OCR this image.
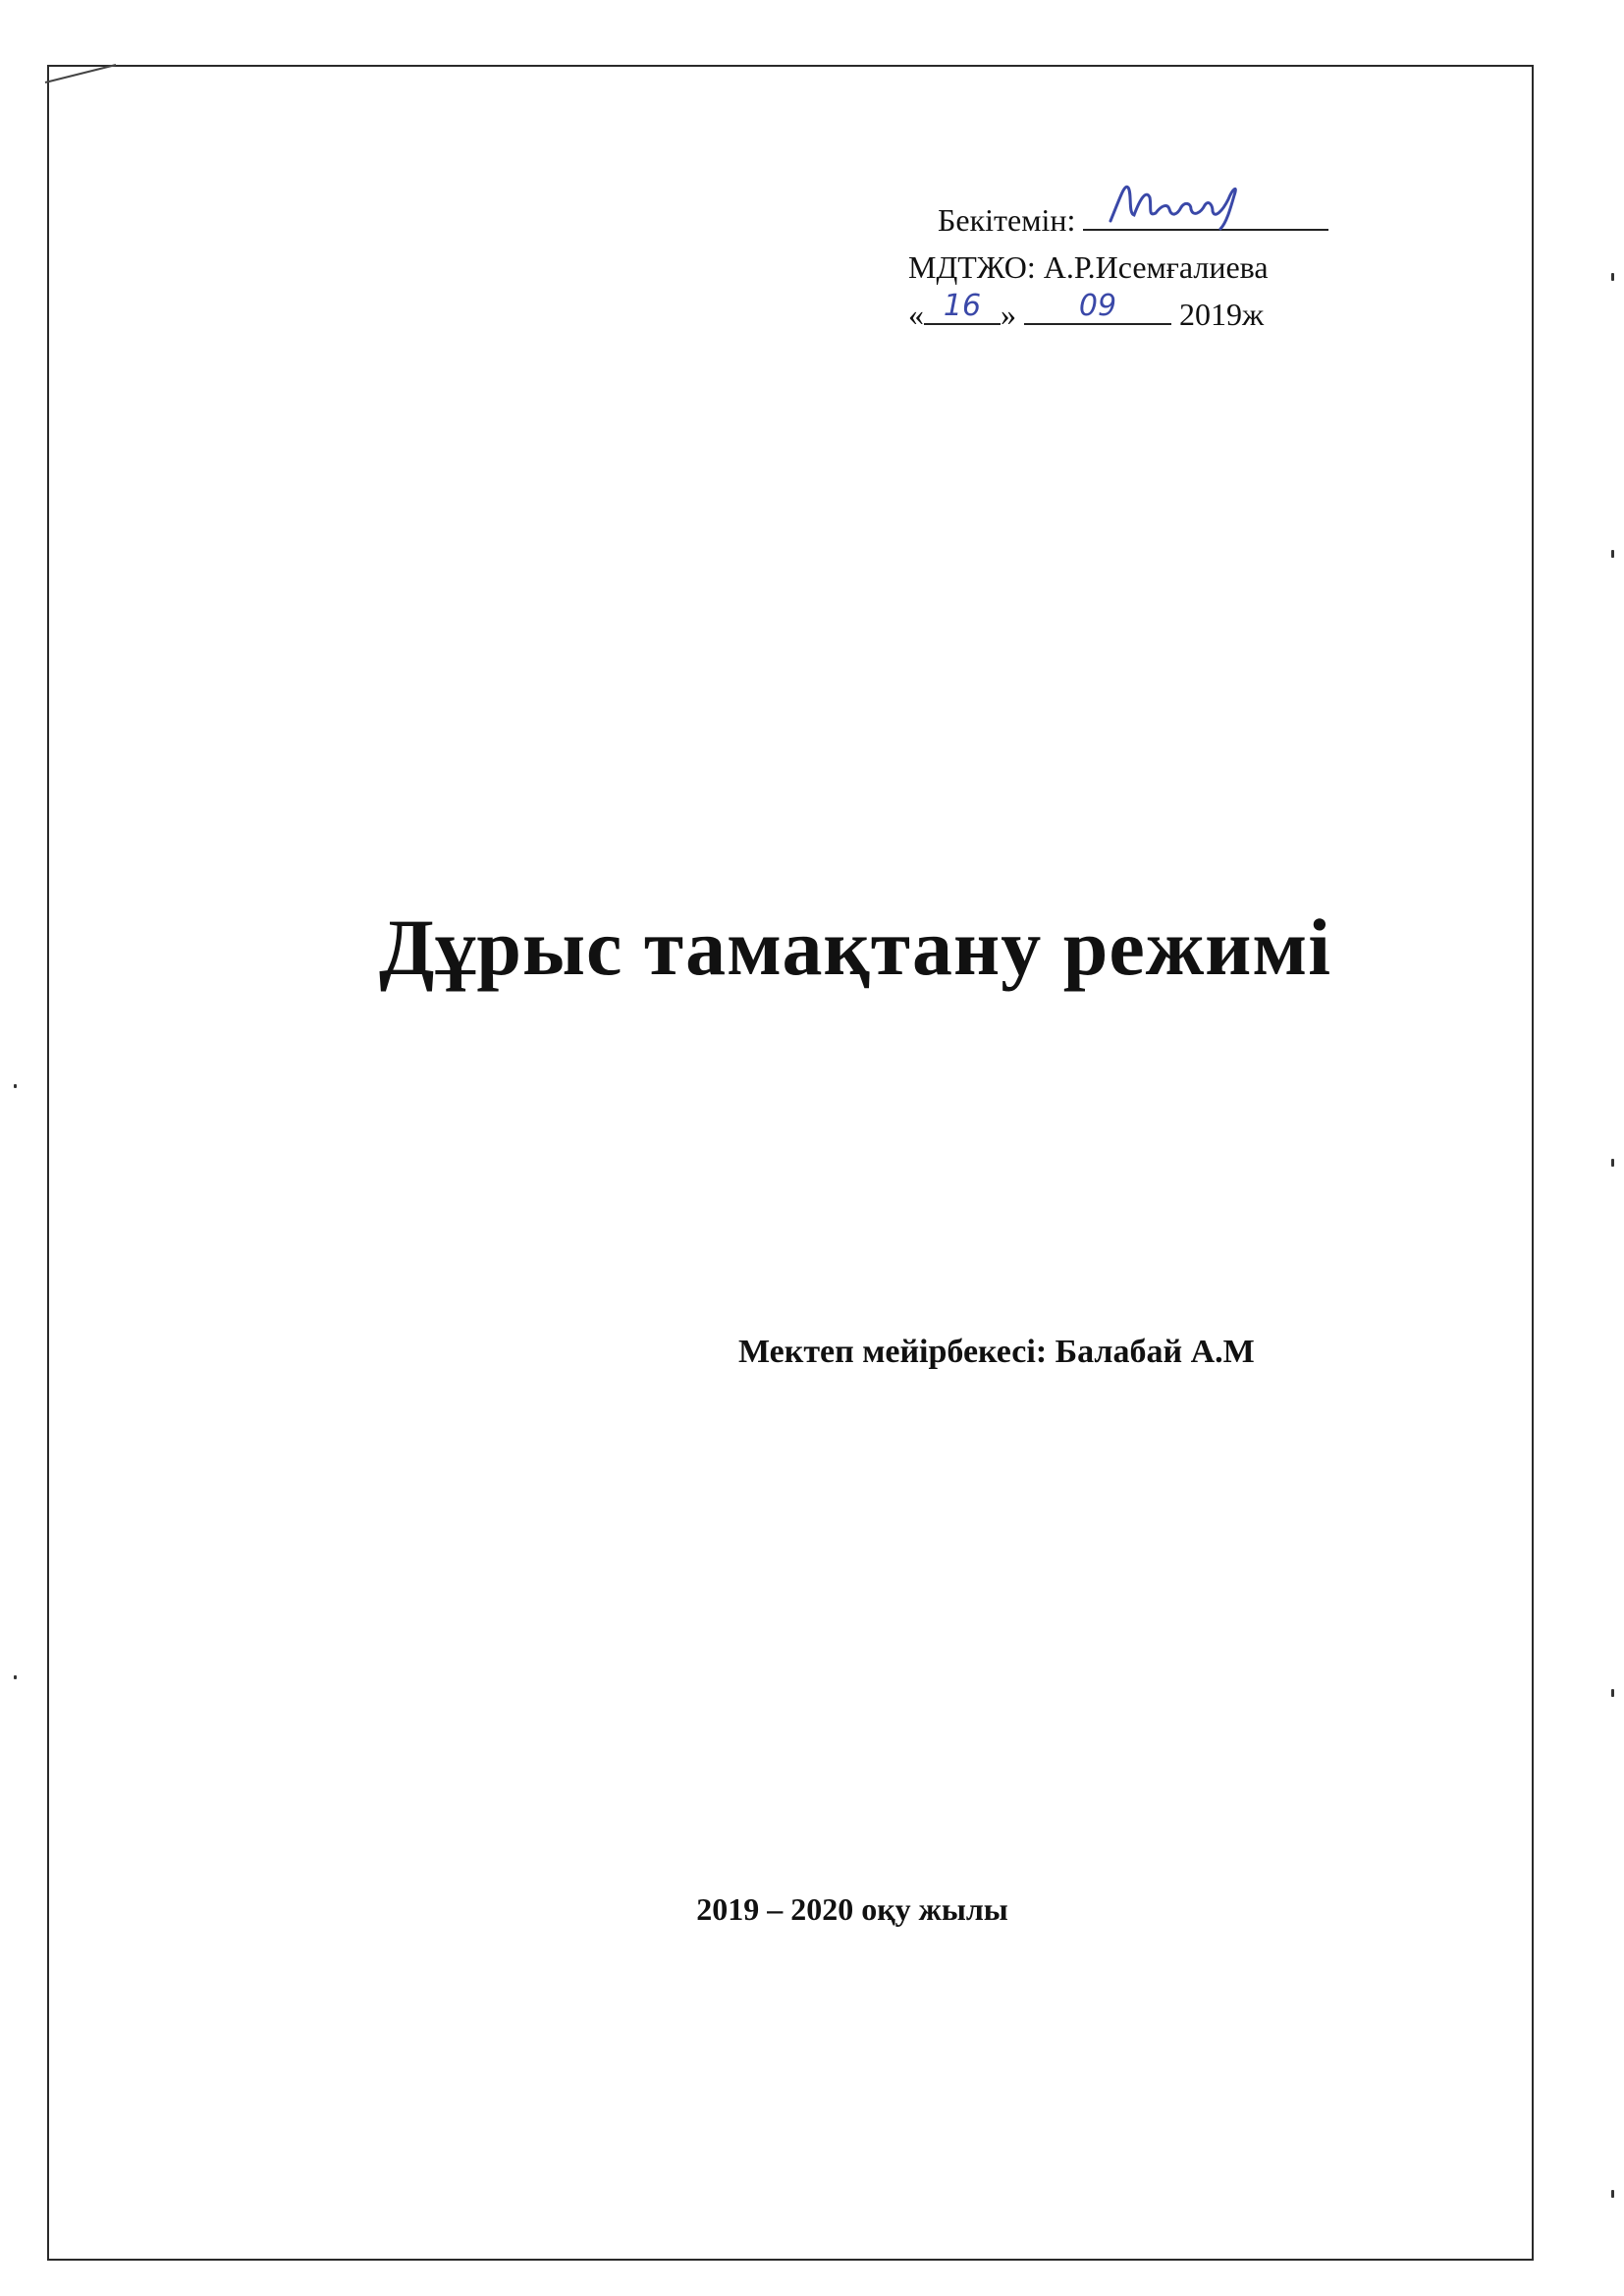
Бекітемін:
МДТЖО: А.Р.Исемғалиева
« 16 »	09	2019ж
Дұрыс тамақтану режимі
Мектеп мейірбекесі: Балабай А.М
2019 – 2020 оқу жылы
